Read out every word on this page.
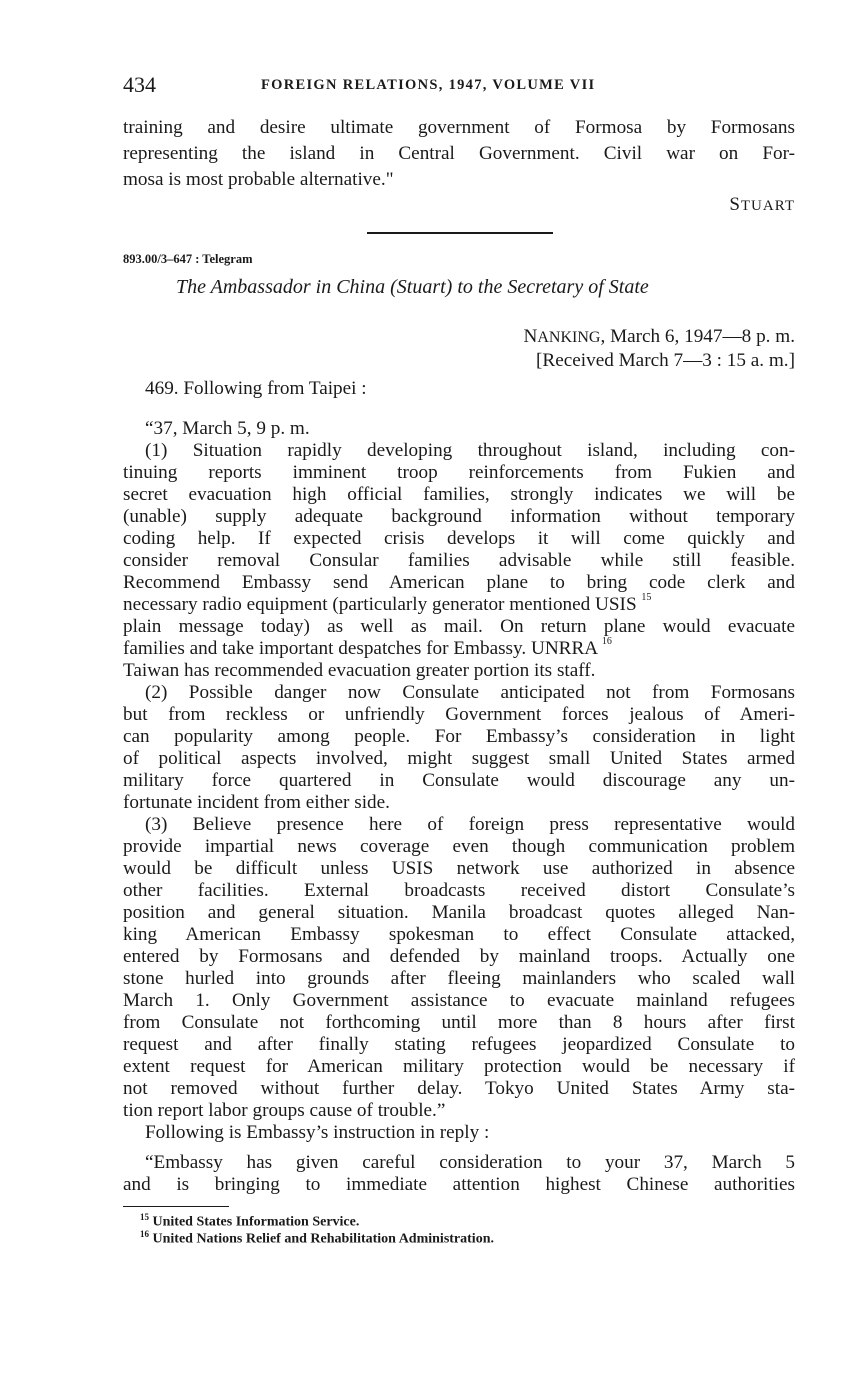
434	FOREIGN RELATIONS, 1947, VOLUME VII

training and desire ultimate government of Formosa by Formosans

representing the island in Central Government. Civil war on For-

mosa is most probable alternative."

STUART
893.00/3–647 : Telegram
The Ambassador in China (Stuart) to the Secretary of State
NANKING, March 6, 1947—8 p. m.
[Received March 7—3 : 15 a. m.]

469. Following from Taipei :

“37, March 5, 9 p. m.

(1) Situation rapidly developing throughout island, including con-

tinuing reports imminent troop reinforcements from Fukien and

secret evacuation high official families, strongly indicates we will be

(unable) supply adequate background information without temporary

coding help. If expected crisis develops it will come quickly and

consider removal Consular families advisable while still feasible.

Recommend Embassy send American plane to bring code clerk and

necessary radio equipment (particularly generator mentioned USIS $^{15}$

plain message today) as well as mail. On return plane would evacuate

families and take important despatches for Embassy. UNRRA $^{16}$

Taiwan has recommended evacuation greater portion its staff.

(2) Possible danger now Consulate anticipated not from Formosans

but from reckless or unfriendly Government forces jealous of Ameri-

can popularity among people. For Embassy’s consideration in light

of political aspects involved, might suggest small United States armed

military force quartered in Consulate would discourage any un-

fortunate incident from either side.

(3) Believe presence here of foreign press representative would

provide impartial news coverage even though communication problem

would be difficult unless USIS network use authorized in absence

other facilities. External broadcasts received distort Consulate’s

position and general situation. Manila broadcast quotes alleged Nan-

king American Embassy spokesman to effect Consulate attacked,

entered by Formosans and defended by mainland troops. Actually one

stone hurled into grounds after fleeing mainlanders who scaled wall

March 1. Only Government assistance to evacuate mainland refugees

from Consulate not forthcoming until more than 8 hours after first

request and after finally stating refugees jeopardized Consulate to

extent request for American military protection would be necessary if

not removed without further delay. Tokyo United States Army sta-

tion report labor groups cause of trouble.”

Following is Embassy’s instruction in reply :

“Embassy has given careful consideration to your 37, March 5

and is bringing to immediate attention highest Chinese authorities

$^{15}$ United States Information Service.
$^{16}$ United Nations Relief and Rehabilitation Administration.
